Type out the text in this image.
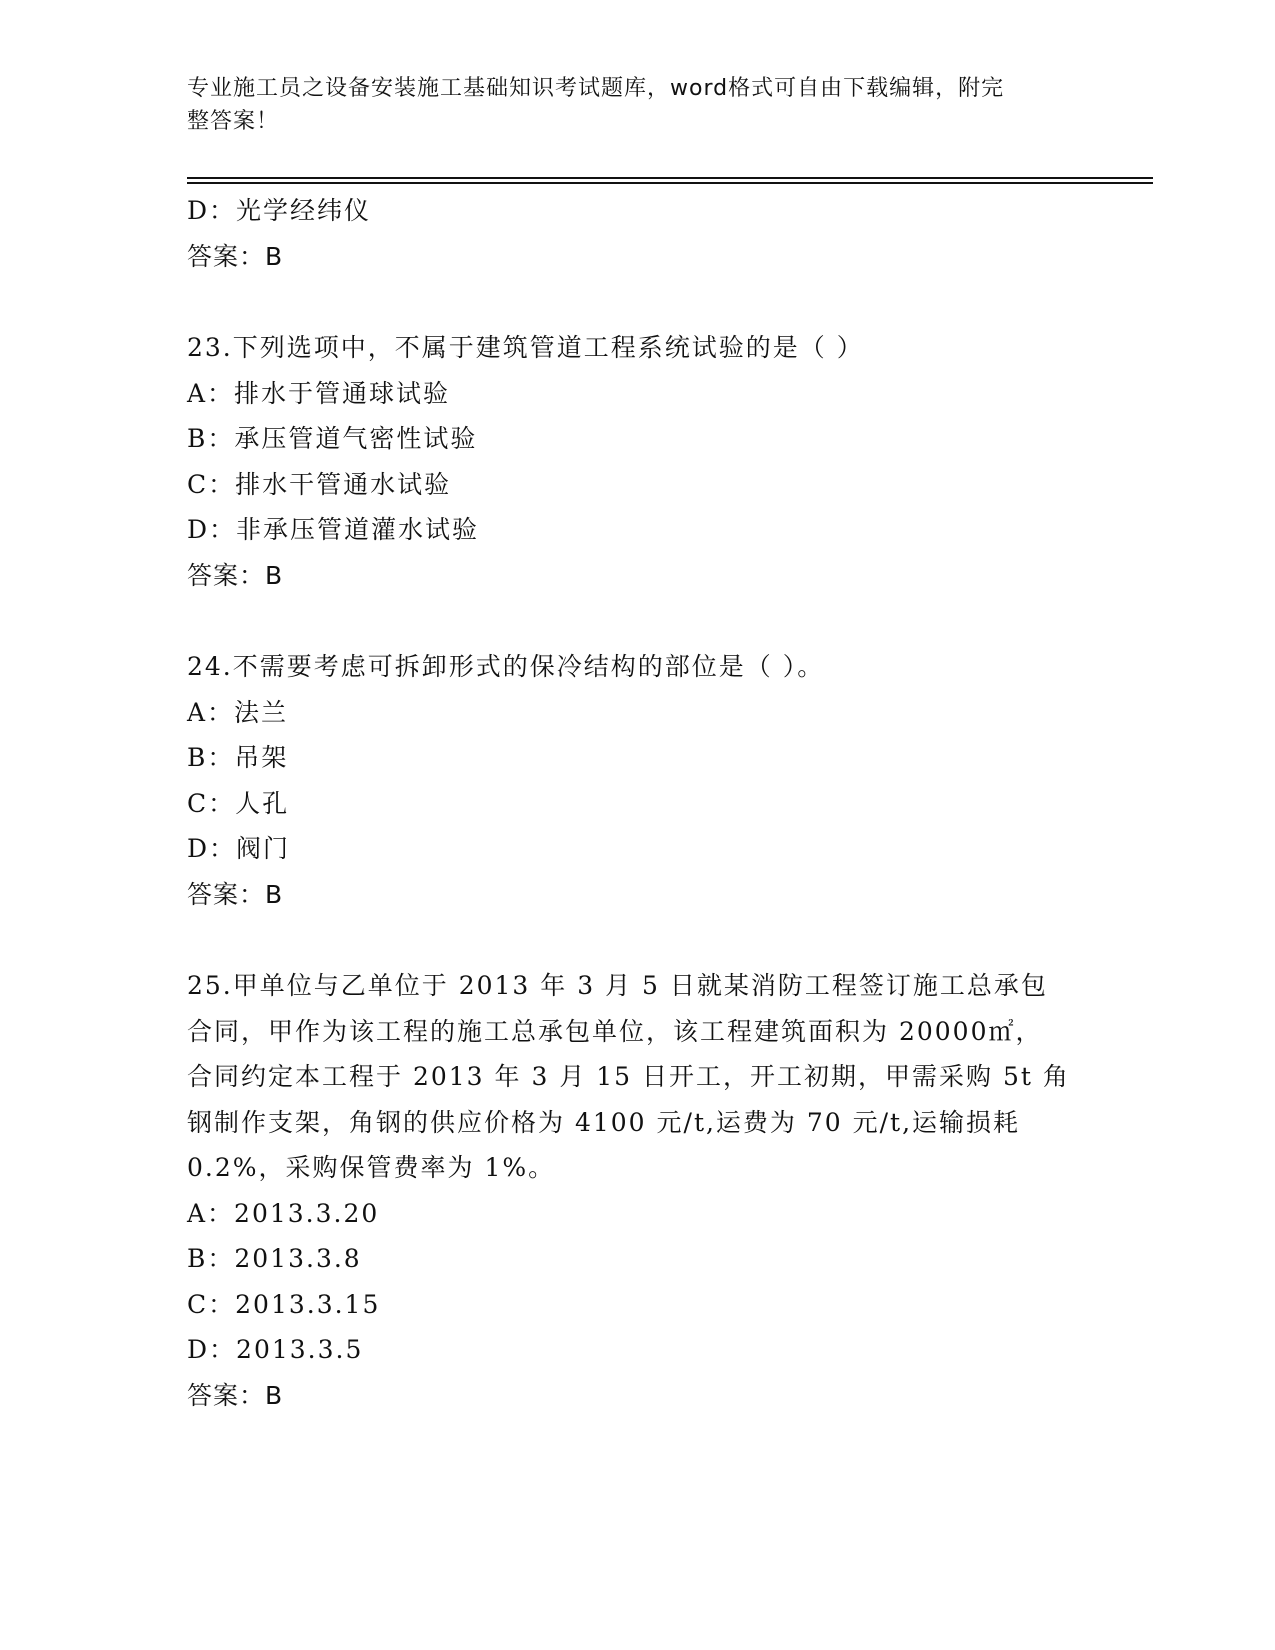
专业施工员之设备安装施工基础知识考试题库，word格式可自由下载编辑，附完
整答案！
D：光学经纬仪
答案：B
23.下列选项中，不属于建筑管道工程系统试验的是（ ）
A：排水于管通球试验
B：承压管道气密性试验
C：排水干管通水试验
D：非承压管道灌水试验
答案：B
24.不需要考虑可拆卸形式的保冷结构的部位是（ ）。
A：法兰
B：吊架
C：人孔
D：阀门
答案：B
25.甲单位与乙单位于 2013 年 3 月 5 日就某消防工程签订施工总承包
合同，甲作为该工程的施工总承包单位，该工程建筑面积为 20000㎡，
合同约定本工程于 2013 年 3 月 15 日开工，开工初期，甲需采购 5t 角
钢制作支架，角钢的供应价格为 4100 元/t,运费为 70 元/t,运输损耗
0.2%，采购保管费率为 1%。
A：2013.3.20
B：2013.3.8
C：2013.3.15
D：2013.3.5
答案：B
